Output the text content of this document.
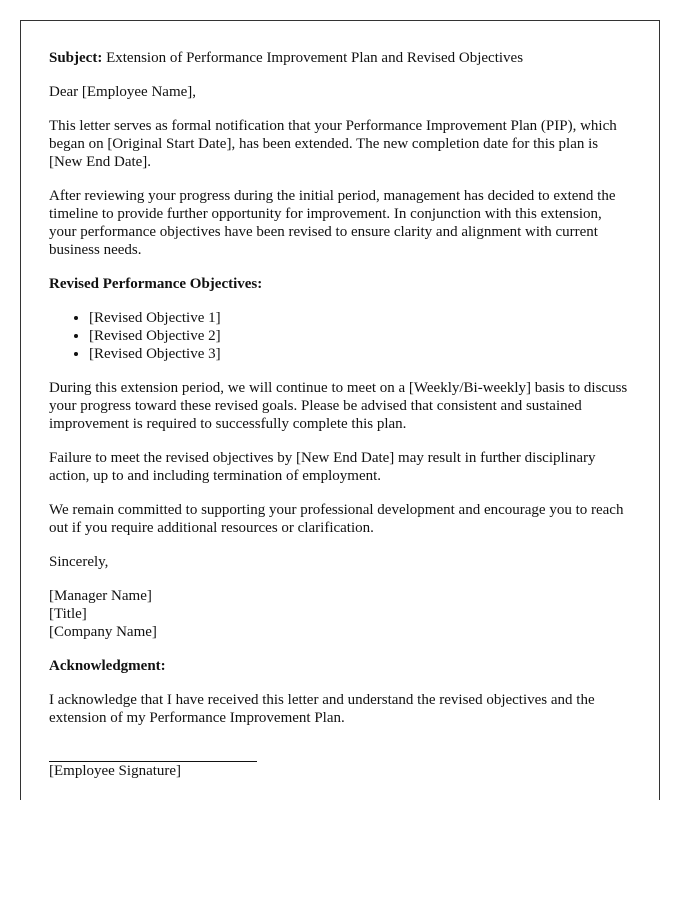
Subject: Extension of Performance Improvement Plan and Revised Objectives

Dear [Employee Name],

This letter serves as formal notification that your Performance Improvement Plan (PIP), which began on [Original Start Date], has been extended. The new completion date for this plan is [New End Date].

After reviewing your progress during the initial period, management has decided to extend the timeline to provide further opportunity for improvement. In conjunction with this extension, your performance objectives have been revised to ensure clarity and alignment with current business needs.

Revised Performance Objectives:

• [Revised Objective 1]
• [Revised Objective 2]
• [Revised Objective 3]

During this extension period, we will continue to meet on a [Weekly/Bi-weekly] basis to discuss your progress toward these revised goals. Please be advised that consistent and sustained improvement is required to successfully complete this plan.

Failure to meet the revised objectives by [New End Date] may result in further disciplinary action, up to and including termination of employment.

We remain committed to supporting your professional development and encourage you to reach out if you require additional resources or clarification.

Sincerely,

[Manager Name]
[Title]
[Company Name]

Acknowledgment:

I acknowledge that I have received this letter and understand the revised objectives and the extension of my Performance Improvement Plan.

[Employee Signature]
